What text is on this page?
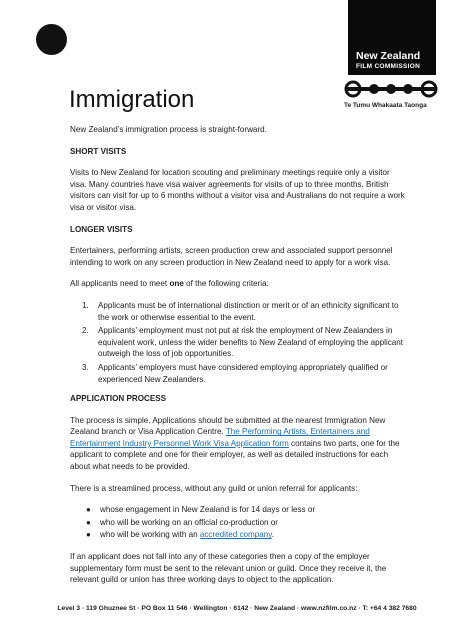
New Zealand
FILM COMMISSION
Te Tumu Whakaata Taonga
Immigration

New Zealand’s immigration process is straight-forward.

SHORT VISITS

Visits to New Zealand for location scouting and preliminary meetings require only a visitor visa. Many countries have visa waiver agreements for visits of up to three months. British visitors can visit for up to 6 months without a visitor visa and Australians do not require a work visa or visitor visa.

LONGER VISITS

Entertainers, performing artists, screen production crew and associated support personnel intending to work on any screen production in New Zealand need to apply for a work visa.

All applicants need to meet one of the following criteria:

1. Applicants must be of international distinction or merit or of an ethnicity significant to the work or otherwise essential to the event.
2. Applicants’ employment must not put at risk the employment of New Zealanders in equivalent work, unless the wider benefits to New Zealand of employing the applicant outweigh the loss of job opportunities.
3. Applicants’ employers must have considered employing appropriately qualified or experienced New Zealanders.

APPLICATION PROCESS

The process is simple. Applications should be submitted at the nearest Immigration New Zealand branch or Visa Application Centre. The Performing Artists, Entertainers and Entertainment Industry Personnel Work Visa Application form contains two parts, one for the applicant to complete and one for their employer, as well as detailed instructions for each about what needs to be provided.

There is a streamlined process, without any guild or union referral for applicants:

● whose engagement in New Zealand is for 14 days or less or
● who will be working on an official co-production or
● who will be working with an accredited company.

If an applicant does not fall into any of these categories then a copy of the employer supplementary form must be sent to the relevant union or guild. Once they receive it, the relevant guild or union has three working days to object to the application.

Level 3 · 119 Ghuznee St · PO Box 11 546 · Wellington · 6142 · New Zealand · www.nzfilm.co.nz · T: +64 4 382 7680
